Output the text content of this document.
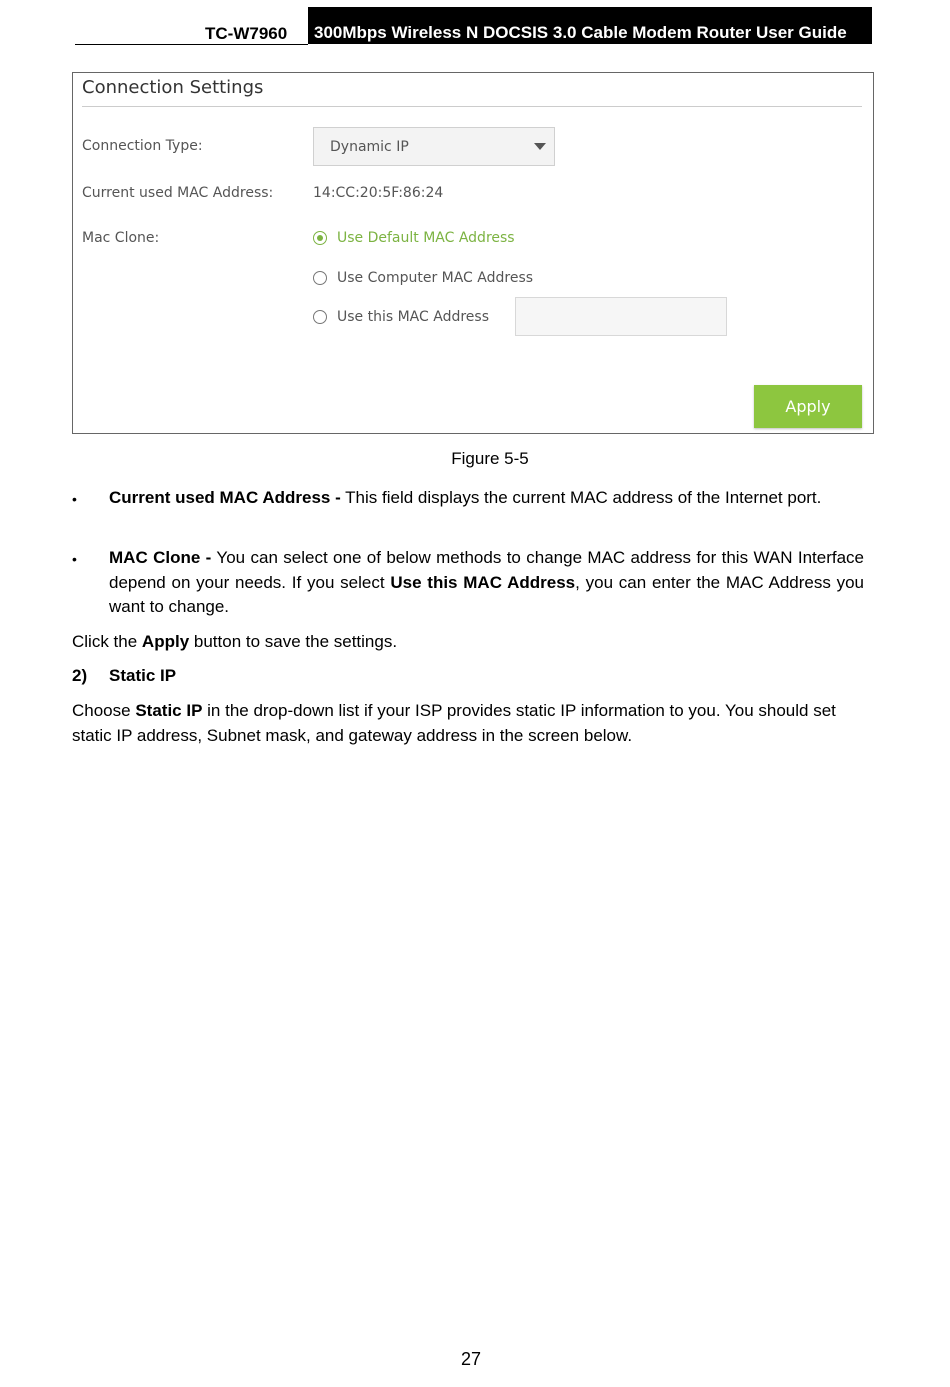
TC-W7960	300Mbps Wireless N DOCSIS 3.0 Cable Modem Router User Guide
Connection Settings
Connection Type:	Dynamic IP
Current used MAC Address:	14:CC:20:5F:86:24
Mac Clone:	Use Default MAC Address
Use Computer MAC Address
Use this MAC Address
Apply
Figure 5-5
• Current used MAC Address - This field displays the current MAC address of the Internet port.
• MAC Clone - You can select one of below methods to change MAC address for this WAN Interface depend on your needs. If you select Use this MAC Address, you can enter the MAC Address you want to change.
Click the Apply button to save the settings.
2) Static IP
Choose Static IP in the drop-down list if your ISP provides static IP information to you. You should set static IP address, Subnet mask, and gateway address in the screen below.
27
